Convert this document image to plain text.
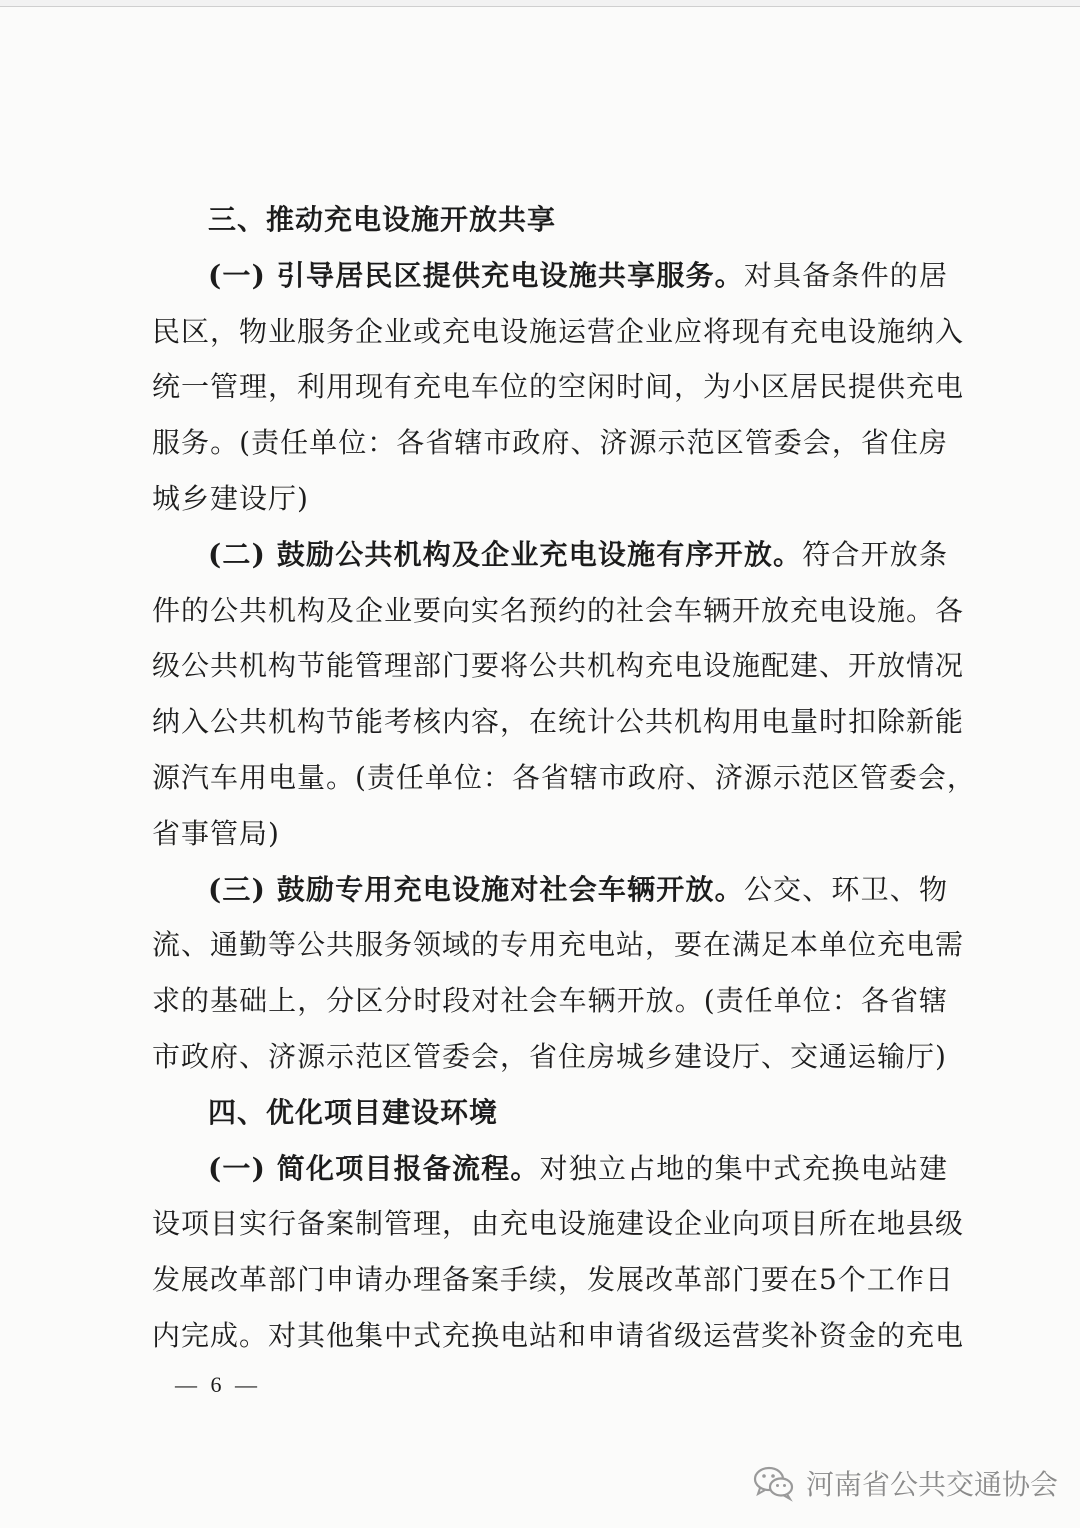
三、推动充电设施开放共享
(一) 引导居民区提供充电设施共享服务。对具备条件的居
民区，物业服务企业或充电设施运营企业应将现有充电设施纳入
统一管理，利用现有充电车位的空闲时间，为小区居民提供充电
服务。(责任单位：各省辖市政府、济源示范区管委会，省住房
城乡建设厅)
(二) 鼓励公共机构及企业充电设施有序开放。符合开放条
件的公共机构及企业要向实名预约的社会车辆开放充电设施。各
级公共机构节能管理部门要将公共机构充电设施配建、开放情况
纳入公共机构节能考核内容，在统计公共机构用电量时扣除新能
源汽车用电量。(责任单位：各省辖市政府、济源示范区管委会，
省事管局)
(三) 鼓励专用充电设施对社会车辆开放。公交、环卫、物
流、通勤等公共服务领域的专用充电站，要在满足本单位充电需
求的基础上，分区分时段对社会车辆开放。(责任单位：各省辖
市政府、济源示范区管委会，省住房城乡建设厅、交通运输厅)
四、优化项目建设环境
(一) 简化项目报备流程。对独立占地的集中式充换电站建
设项目实行备案制管理，由充电设施建设企业向项目所在地县级
发展改革部门申请办理备案手续，发展改革部门要在5个工作日
内完成。对其他集中式充换电站和申请省级运营奖补资金的充电
— 6 —
河南省公共交通协会
